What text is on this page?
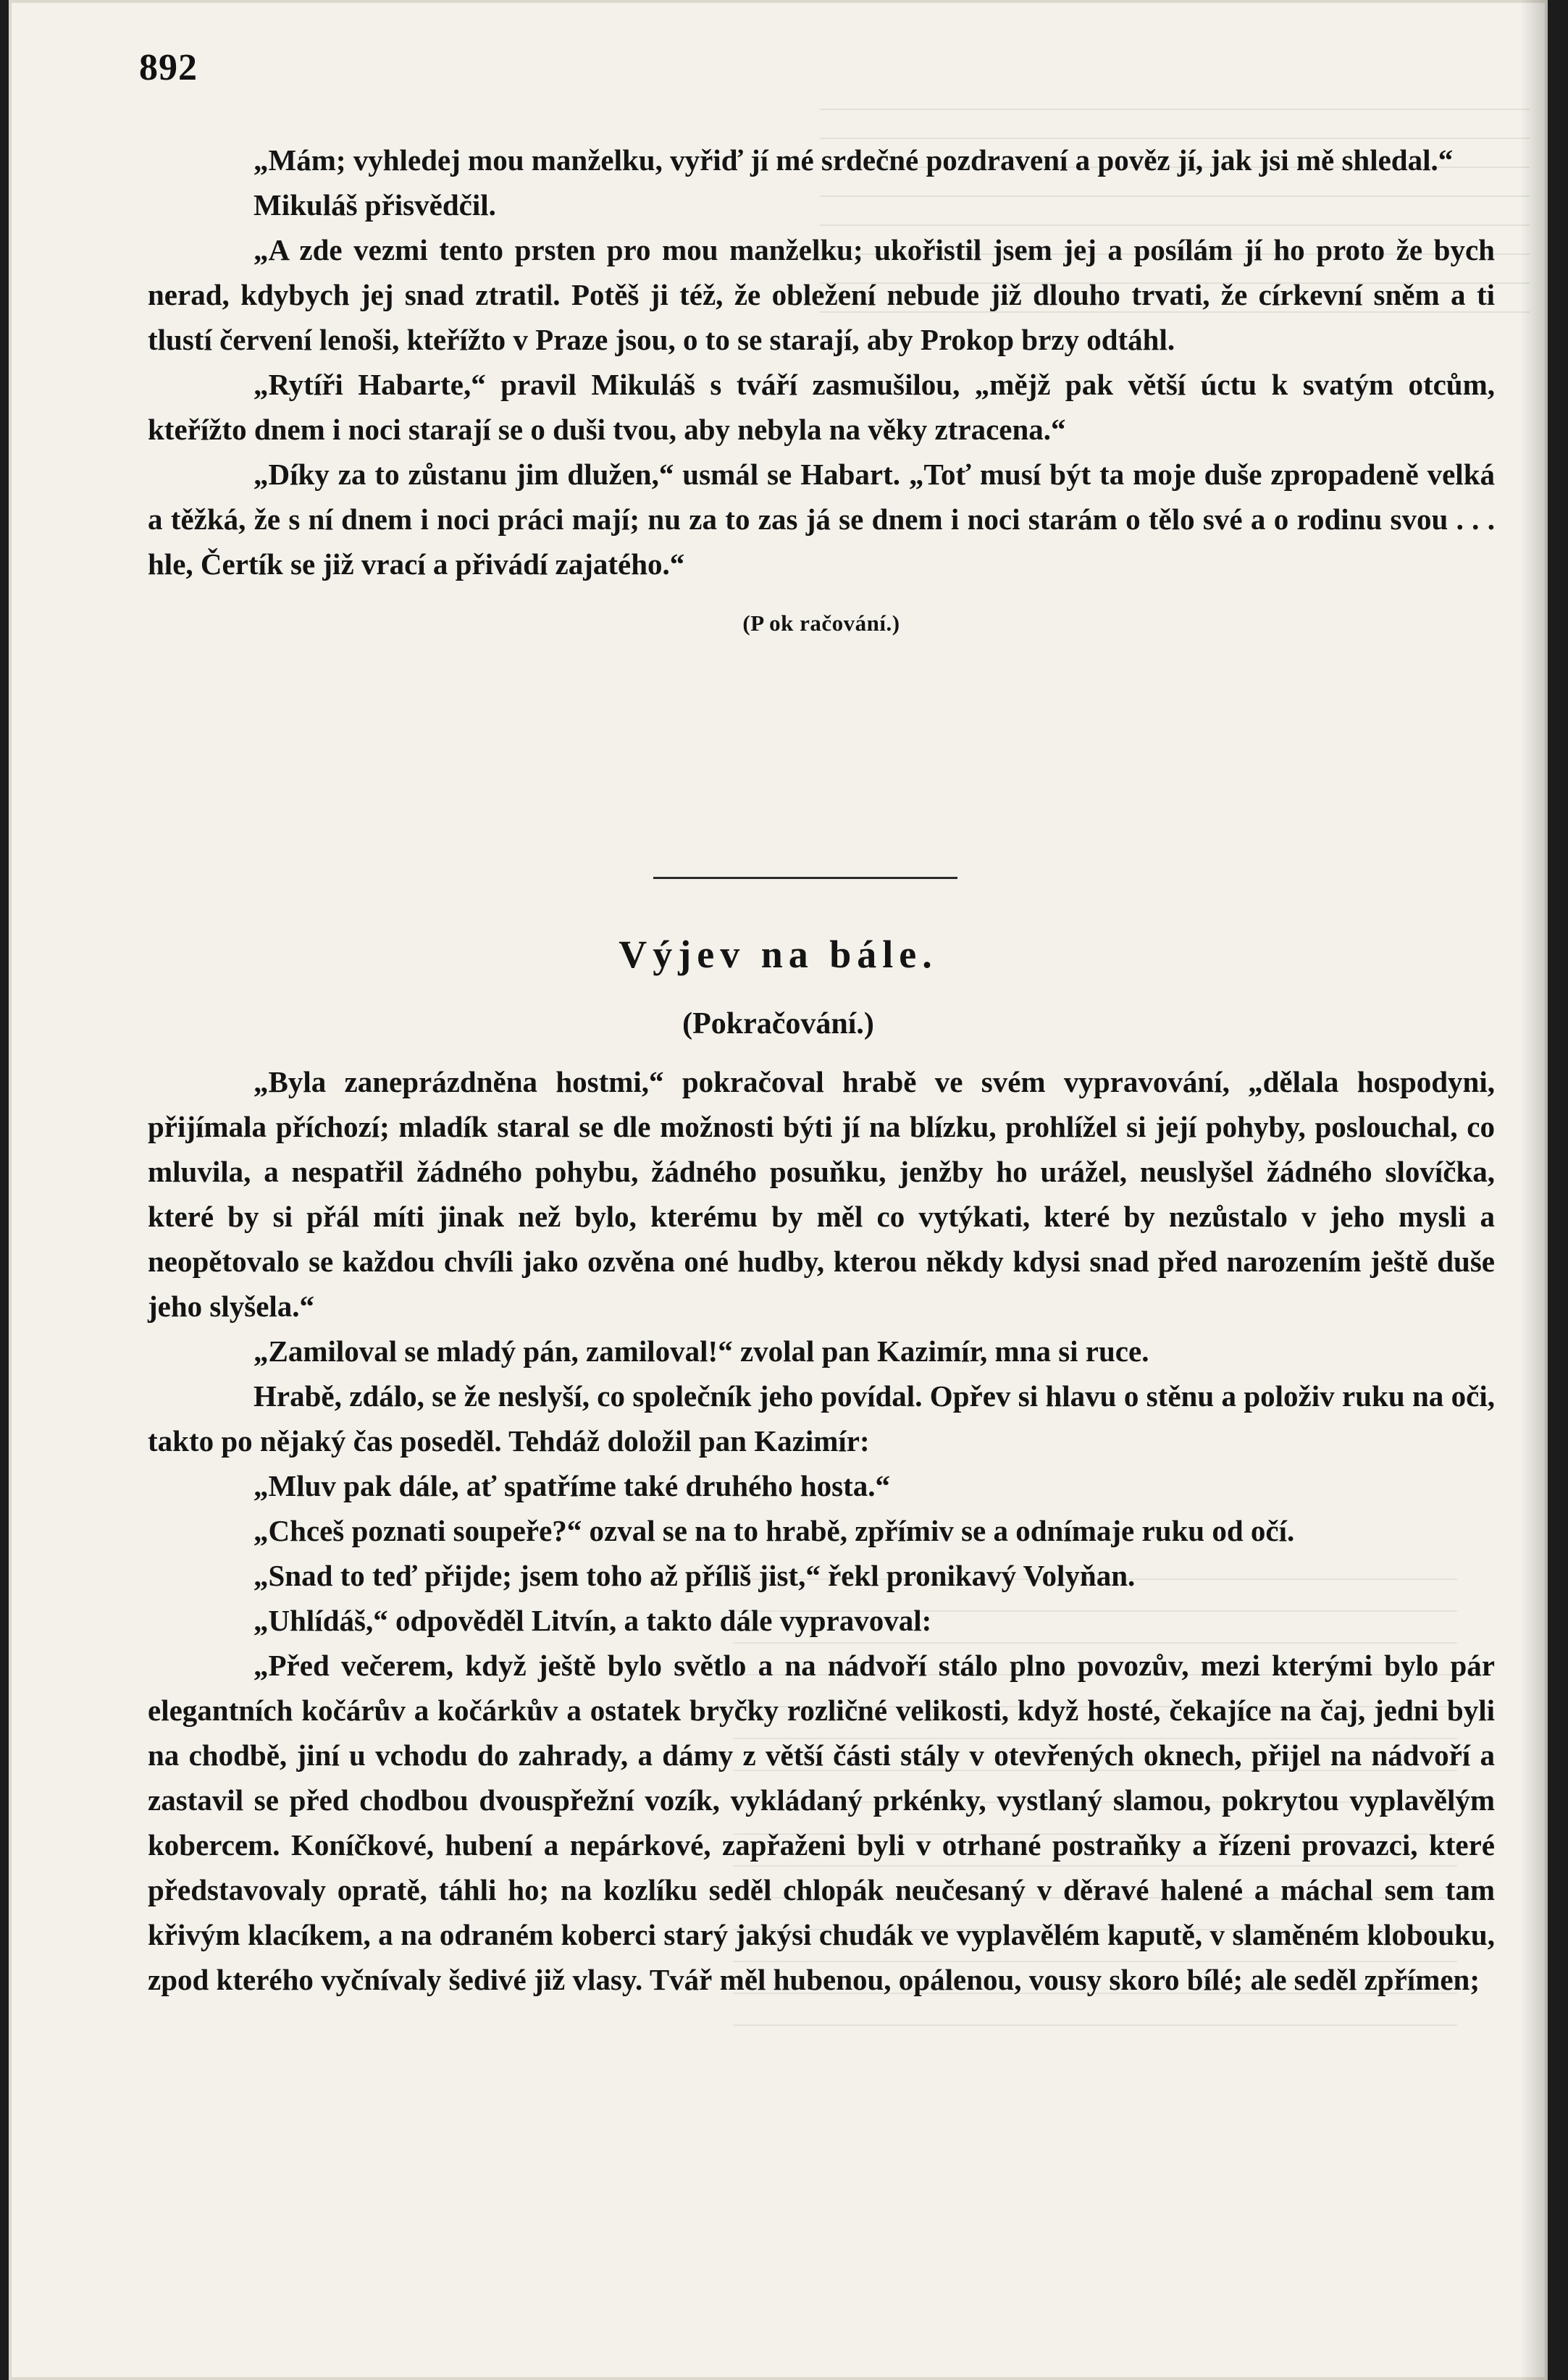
892

„Mám; vyhledej mou manželku, vyřiď jí mé srdečné pozdravení a pověz jí, jak jsi mě shledal.“

Mikuláš přisvědčil.

„A zde vezmi tento prsten pro mou manželku; ukořistil jsem jej a posílám jí ho proto že bych nerad, kdybych jej snad ztratil. Potěš ji též, že obležení nebude již dlouho trvati, že církevní sněm a ti tlustí červení lenoši, kteřížto v Praze jsou, o to se starají, aby Prokop brzy odtáhl.

„Rytíři Habarte,“ pravil Mikuláš s tváří zasmušilou, „mějž pak větší úctu k svatým otcům, kteřížto dnem i noci starají se o duši tvou, aby nebyla na věky ztracena.“

„Díky za to zůstanu jim dlužen,“ usmál se Habart. „Toť musí být ta moje duše zpropadeně velká a těžká, že s ní dnem i noci práci mají; nu za to zas já se dnem i noci starám o tělo své a o rodinu svou . . . hle, Čertík se již vrací a přivádí zajatého.“

(P ok račování.)

Výjev na bále.
(Pokračování.)

„Byla zaneprázdněna hostmi,“ pokračoval hrabě ve svém vypravování, „dělala hospodyni, přijímala příchozí; mladík staral se dle možnosti býti jí na blízku, prohlížel si její pohyby, poslouchal, co mluvila, a nespatřil žádného pohybu, žádného posuňku, jenžby ho urážel, neuslyšel žádného slovíčka, které by si přál míti jinak než bylo, kterému by měl co vytýkati, které by nezůstalo v jeho mysli a neopětovalo se každou chvíli jako ozvěna oné hudby, kterou někdy kdysi snad před narozením ještě duše jeho slyšela.“

„Zamiloval se mladý pán, zamiloval!“ zvolal pan Kazimír, mna si ruce.

Hrabě, zdálo, se že neslyší, co společník jeho povídal. Opřev si hlavu o stěnu a položiv ruku na oči, takto po nějaký čas poseděl. Tehdáž doložil pan Kazimír:

„Mluv pak dále, ať spatříme také druhého hosta.“

„Chceš poznati soupeře?“ ozval se na to hrabě, zpřímiv se a odnímaje ruku od očí.

„Snad to teď přijde; jsem toho až příliš jist,“ řekl pronikavý Volyňan.

„Uhlídáš,“ odpověděl Litvín, a takto dále vypravoval:

„Před večerem, když ještě bylo světlo a na nádvoří stálo plno povozův, mezi kterými bylo pár elegantních kočárův a kočárkův a ostatek bryčky rozličné velikosti, když hosté, čekajíce na čaj, jedni byli na chodbě, jiní u vchodu do zahrady, a dámy z větší části stály v otevřených oknech, přijel na nádvoří a zastavil se před chodbou dvouspřežní vozík, vykládaný prkénky, vystlaný slamou, pokrytou vyplavělým kobercem. Koníčkové, hubení a nepárkové, zapřaženi byli v otrhané postraňky a řízeni provazci, které představovaly opratě, táhli ho; na kozlíku seděl chlopák neučesaný v děravé halené a máchal sem tam křivým klacíkem, a na odraném koberci starý jakýsi chudák ve vyplavělém kaputě, v slaměném klobouku, zpod kterého vyčnívaly šedivé již vlasy. Tvář měl hubenou, opálenou, vousy skoro bílé; ale seděl zpřímen;
